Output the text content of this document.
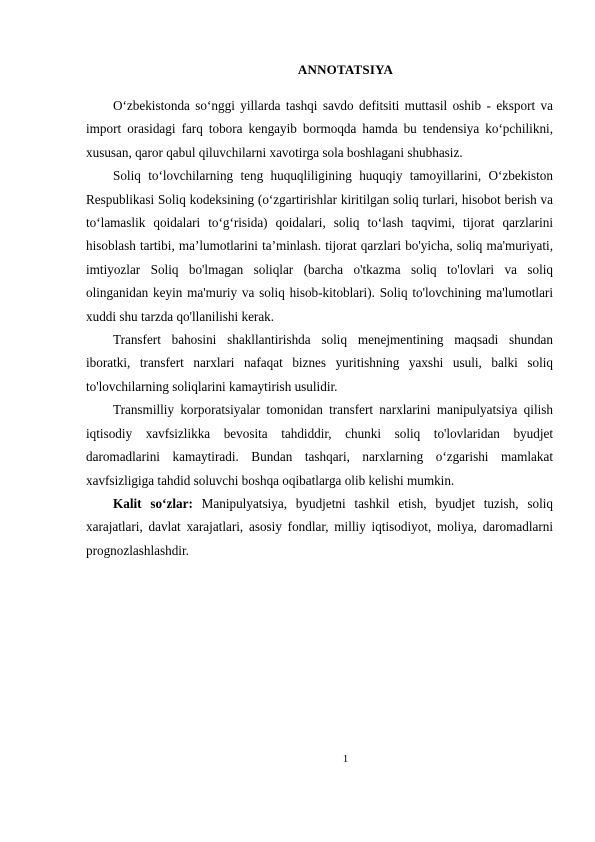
ANNOTATSIYA

O‘zbekistonda so‘nggi yillarda tashqi savdo defitsiti muttasil oshib - eksport va import orasidagi farq tobora kengayib bormoqda hamda bu tendensiya ko‘pchilikni, xususan, qaror qabul qiluvchilarni xavotirga sola boshlagani shubhasiz.

Soliq to‘lovchilarning teng huquqliligining huquqiy tamoyillarini, O‘zbekiston Respublikasi Soliq kodeksining (o‘zgartirishlar kiritilgan soliq turlari, hisobot berish va to‘lamaslik qoidalari to‘g‘risida) qoidalari, soliq to‘lash taqvimi, tijorat qarzlarini hisoblash tartibi, ma’lumotlarini ta’minlash. tijorat qarzlari bo'yicha, soliq ma'muriyati, imtiyozlar Soliq bo'lmagan soliqlar (barcha o'tkazma soliq to'lovlari va soliq olinganidan keyin ma'muriy va soliq hisob-kitoblari). Soliq to'lovchining ma'lumotlari xuddi shu tarzda qo'llanilishi kerak.

Transfert bahosini shakllantirishda soliq menejmentining maqsadi shundan iboratki, transfert narxlari nafaqat biznes yuritishning yaxshi usuli, balki soliq to'lovchilarning soliqlarini kamaytirish usulidir.

Transmilliy korporatsiyalar tomonidan transfert narxlarini manipulyatsiya qilish iqtisodiy xavfsizlikka bevosita tahdiddir, chunki soliq to'lovlaridan byudjet daromadlarini kamaytiradi. Bundan tashqari, narxlarning o‘zgarishi mamlakat xavfsizligiga tahdid soluvchi boshqa oqibatlarga olib kelishi mumkin.

Kalit so‘zlar: Manipulyatsiya, byudjetni tashkil etish, byudjet tuzish, soliq xarajatlari, davlat xarajatlari, asosiy fondlar, milliy iqtisodiyot, moliya, daromadlarni prognozlashlashdir.

1
